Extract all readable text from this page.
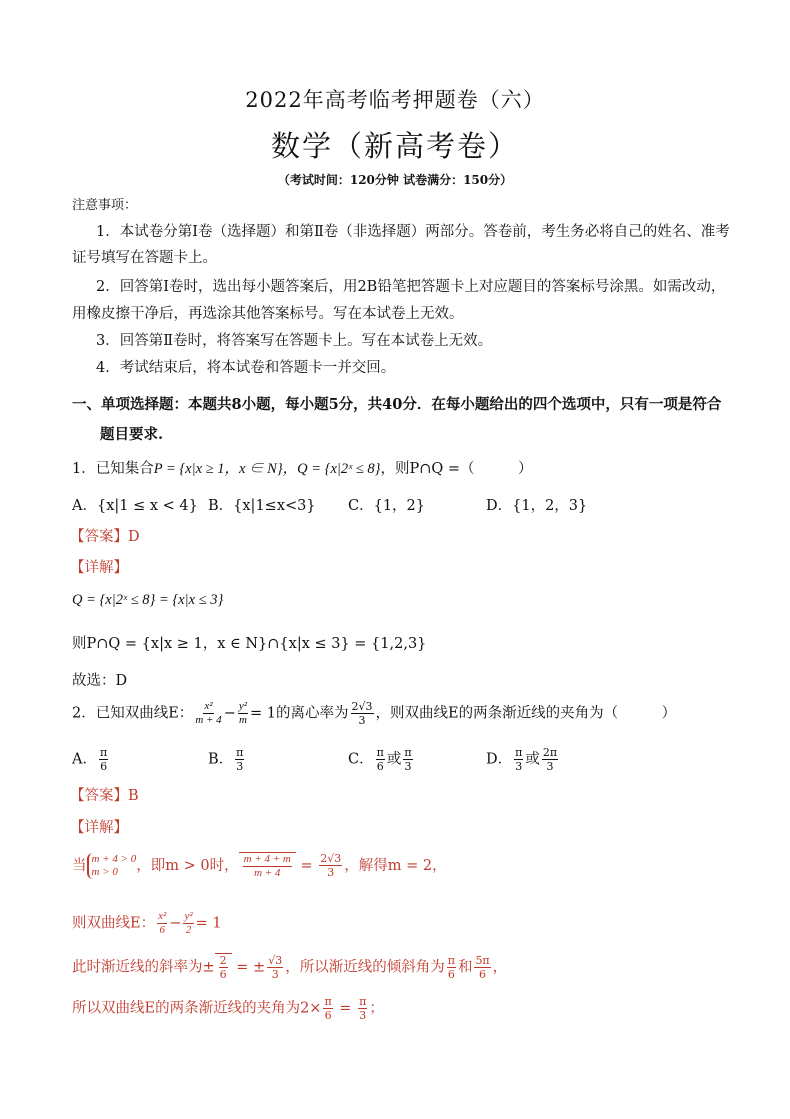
2022年高考临考押题卷（六）
数学（新高考卷）
（考试时间：120分钟 试卷满分：150分）
注意事项：
1．本试卷分第Ⅰ卷（选择题）和第Ⅱ卷（非选择题）两部分。答卷前，考生务必将自己的姓名、准考
证号填写在答题卡上。
2．回答第Ⅰ卷时，选出每小题答案后，用2B铅笔把答题卡上对应题目的答案标号涂黑。如需改动，
用橡皮擦干净后，再选涂其他答案标号。写在本试卷上无效。
3．回答第Ⅱ卷时，将答案写在答题卡上。写在本试卷上无效。
4．考试结束后，将本试卷和答题卡一并交回。
一、单项选择题：本题共8小题，每小题5分，共40分．在每小题给出的四个选项中，只有一项是符合
题目要求.
1．已知集合P = {x|x ≥ 1，x ∈ N}，Q = {x|2ˣ ≤ 8}，则P∩Q =（　　　）
A．{x|1 ≤ x < 4} B．{x|1≤x<3} C．{1，2}	D．{1，2，3}
【答案】D
【详解】
Q = {x|2ˣ ≤ 8} = {x|x ≤ 3}
则P∩Q = {x|x ≥ 1，x ∈ N}∩{x|x ≤ 3} = {1,2,3}
故选：D
2．已知双曲线E： $\frac{\text{x²}}{m + 4} - \frac{\text{y²}}{m} = 1$的离心率为 $\frac{2√3}{3}$ ，则双曲线E的两条渐近线的夹角为（　　　）
A． $\frac{\pi}{6}$	B． $\frac{\pi}{3}$	C． $\frac{\pi}{6}$ 或 $\frac{\pi}{3}$	D． $\frac{\pi}{3}$ 或 $\frac{2\pi}{3}$
【答案】B
【详解】
当 m + 4 > 0
m > 0	，即m > 0时， $\frac{m + 4 + m}{m + 4} = \frac{2√3}{3}$ ，解得m = 2，
则双曲线E： $\frac{\text{x²}}{6} - \frac{\text{y²}}{2} = 1$
此时渐近线的斜率为± $\frac{2}{6}$ = ± $\frac{√3}{3}$ ，所以渐近线的倾斜角为 $\frac{\pi}{6}$ 和 $\frac{5\pi}{6}$ ，
所以双曲线E的两条渐近线的夹角为$2\times \frac{\pi}{6} = \frac{\pi}{3}$ ；
